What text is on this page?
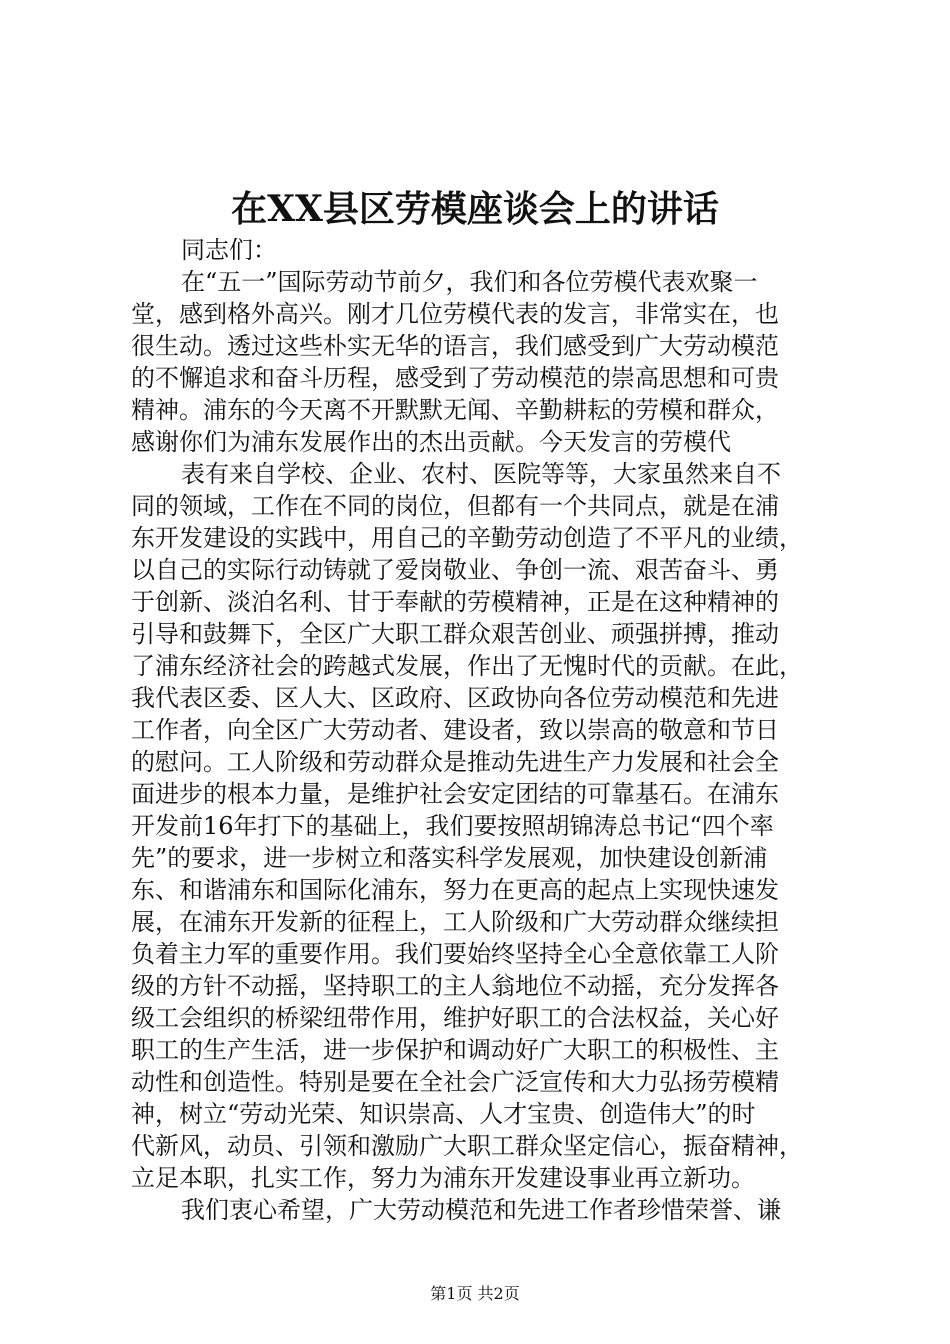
在XX县区劳模座谈会上的讲话
同志们：
在“五一”国际劳动节前夕，我们和各位劳模代表欢聚一
堂，感到格外高兴。刚才几位劳模代表的发言，非常实在，也
很生动。透过这些朴实无华的语言，我们感受到广大劳动模范
的不懈追求和奋斗历程，感受到了劳动模范的崇高思想和可贵
精神。浦东的今天离不开默默无闻、辛勤耕耘的劳模和群众，
感谢你们为浦东发展作出的杰出贡献。今天发言的劳模代
表有来自学校、企业、农村、医院等等，大家虽然来自不
同的领域，工作在不同的岗位，但都有一个共同点，就是在浦
东开发建设的实践中，用自己的辛勤劳动创造了不平凡的业绩，
以自己的实际行动铸就了爱岗敬业、争创一流、艰苦奋斗、勇
于创新、淡泊名利、甘于奉献的劳模精神，正是在这种精神的
引导和鼓舞下，全区广大职工群众艰苦创业、顽强拼搏，推动
了浦东经济社会的跨越式发展，作出了无愧时代的贡献。在此，
我代表区委、区人大、区政府、区政协向各位劳动模范和先进
工作者，向全区广大劳动者、建设者，致以崇高的敬意和节日
的慰问。工人阶级和劳动群众是推动先进生产力发展和社会全
面进步的根本力量，是维护社会安定团结的可靠基石。在浦东
开发前16年打下的基础上，我们要按照胡锦涛总书记“四个率
先”的要求，进一步树立和落实科学发展观，加快建设创新浦
东、和谐浦东和国际化浦东，努力在更高的起点上实现快速发
展，在浦东开发新的征程上，工人阶级和广大劳动群众继续担
负着主力军的重要作用。我们要始终坚持全心全意依靠工人阶
级的方针不动摇，坚持职工的主人翁地位不动摇，充分发挥各
级工会组织的桥梁纽带作用，维护好职工的合法权益，关心好
职工的生产生活，进一步保护和调动好广大职工的积极性、主
动性和创造性。特别是要在全社会广泛宣传和大力弘扬劳模精
神，树立“劳动光荣、知识崇高、人才宝贵、创造伟大”的时
代新风，动员、引领和激励广大职工群众坚定信心，振奋精神，
立足本职，扎实工作，努力为浦东开发建设事业再立新功。
我们衷心希望，广大劳动模范和先进工作者珍惜荣誉、谦
第1页 共2页
